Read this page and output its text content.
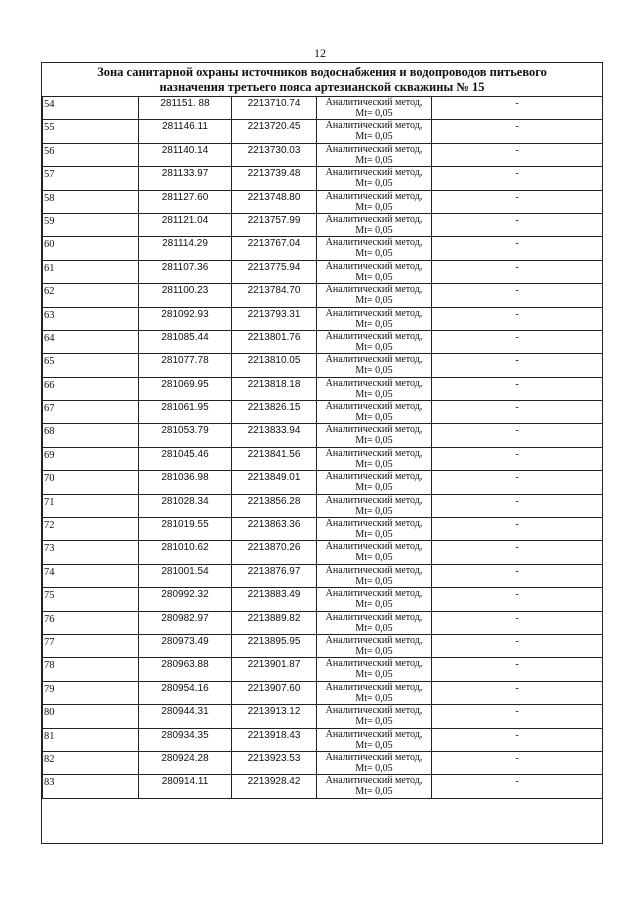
12
Зона санитарной охраны источников водоснабжения и водопроводов питьевого
назначения третьего пояса артезианской скважины № 15
54	281151. 88	2213710.74	Аналитический метод,
Mt= 0,05	-
55	281146.11	2213720.45	Аналитический метод,
Mt= 0,05	-
56	281140.14	2213730.03	Аналитический метод,
Mt= 0,05	-
57	281133.97	2213739.48	Аналитический метод,
Mt= 0,05	-
58	281127.60	2213748.80	Аналитический метод,
Mt= 0,05	-
59	281121.04	2213757.99	Аналитический метод,
Mt= 0,05	-
60	281114.29	2213767.04	Аналитический метод,
Mt= 0,05	-
61	281107.36	2213775.94	Аналитический метод,
Mt= 0,05	-
62	281100.23	2213784.70	Аналитический метод,
Mt= 0,05	-
63	281092.93	2213793.31	Аналитический метод,
Mt= 0,05	-
64	281085.44	2213801.76	Аналитический метод,
Mt= 0,05	-
65	281077.78	2213810.05	Аналитический метод,
Mt= 0,05	-
66	281069.95	2213818.18	Аналитический метод,
Mt= 0,05	-
67	281061.95	2213826.15	Аналитический метод,
Mt= 0,05	-
68	281053.79	2213833.94	Аналитический метод,
Mt= 0,05	-
69	281045.46	2213841.56	Аналитический метод,
Mt= 0,05	-
70	281036.98	2213849.01	Аналитический метод,
Mt= 0,05	-
71	281028.34	2213856.28	Аналитический метод,
Mt= 0,05	-
72	281019.55	2213863.36	Аналитический метод,
Mt= 0,05	-
73	281010.62	2213870.26	Аналитический метод,
Mt= 0,05	-
74	281001.54	2213876.97	Аналитический метод,
Mt= 0,05	-
75	280992.32	2213883.49	Аналитический метод,
Mt= 0,05	-
76	280982.97	2213889.82	Аналитический метод,
Mt= 0,05	-
77	280973.49	2213895.95	Аналитический метод,
Mt= 0,05	-
78	280963.88	2213901.87	Аналитический метод,
Mt= 0,05	-
79	280954.16	2213907.60	Аналитический метод,
Mt= 0,05	-
80	280944.31	2213913.12	Аналитический метод,
Mt= 0,05	-
81	280934.35	2213918.43	Аналитический метод,
Mt= 0,05	-
82	280924.28	2213923.53	Аналитический метод,
Mt= 0,05	-
83	280914.11	2213928.42	Аналитический метод,
Mt= 0,05	-
